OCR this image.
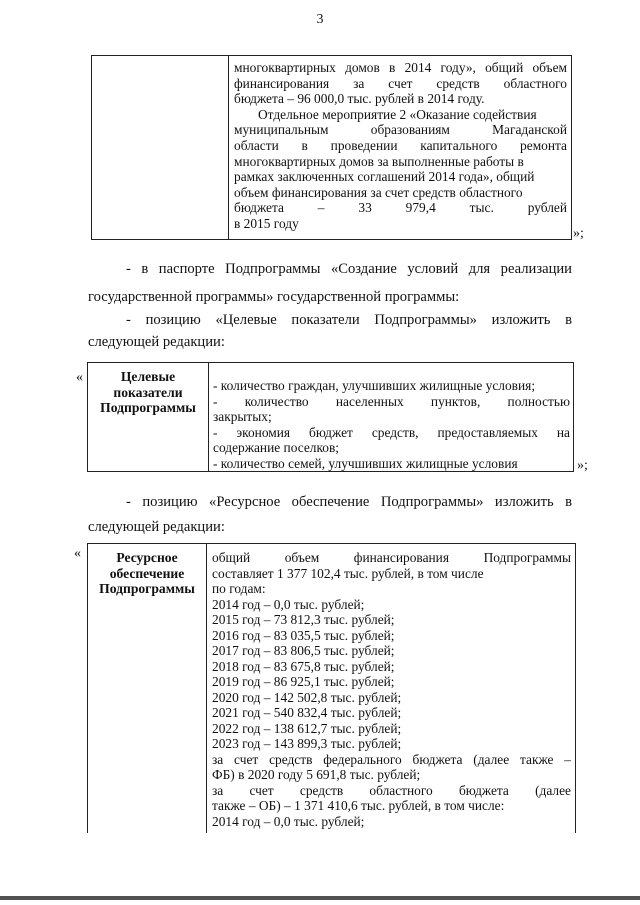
3
многоквартирных домов в 2014 году», общий объем
финансирования за счет средств областного
бюджета – 96 000,0 тыс. рублей в 2014 году.
Отдельное мероприятие 2 «Оказание содействия
муниципальным образованиям Магаданской
области в проведении капитального ремонта
многоквартирных домов за выполненные работы в
рамках заключенных соглашений 2014 года», общий
объем финансирования за счет средств областного
бюджета – 33 979,4 тыс. рублей
в 2015 году
»;
- в паспорте Подпрограммы «Создание условий для реализации
государственной программы» государственной программы:
- позицию «Целевые показатели Подпрограммы» изложить в
следующей редакции:
«	Целевые
показатели
Подпрограммы
- количество граждан, улучшивших жилищные условия;
- количество населенных пунктов, полностью
закрытых;
- экономия бюджет средств, предоставляемых на
содержание поселков;
- количество семей, улучшивших жилищные условия	»;
- позицию «Ресурсное обеспечение Подпрограммы» изложить в
следующей редакции:
«	Ресурсное
обеспечение
Подпрограммы
общий объем финансирования Подпрограммы
составляет 1 377 102,4 тыс. рублей, в том числе
по годам:
2014 год – 0,0 тыс. рублей;
2015 год – 73 812,3 тыс. рублей;
2016 год – 83 035,5 тыс. рублей;
2017 год – 83 806,5 тыс. рублей;
2018 год – 83 675,8 тыс. рублей;
2019 год – 86 925,1 тыс. рублей;
2020 год – 142 502,8 тыс. рублей;
2021 год – 540 832,4 тыс. рублей;
2022 год – 138 612,7 тыс. рублей;
2023 год – 143 899,3 тыс. рублей;
за счет средств федерального бюджета (далее также –
ФБ) в 2020 году 5 691,8 тыс. рублей;
за счет средств областного бюджета (далее
также – ОБ) – 1 371 410,6 тыс. рублей, в том числе:
2014 год – 0,0 тыс. рублей;
